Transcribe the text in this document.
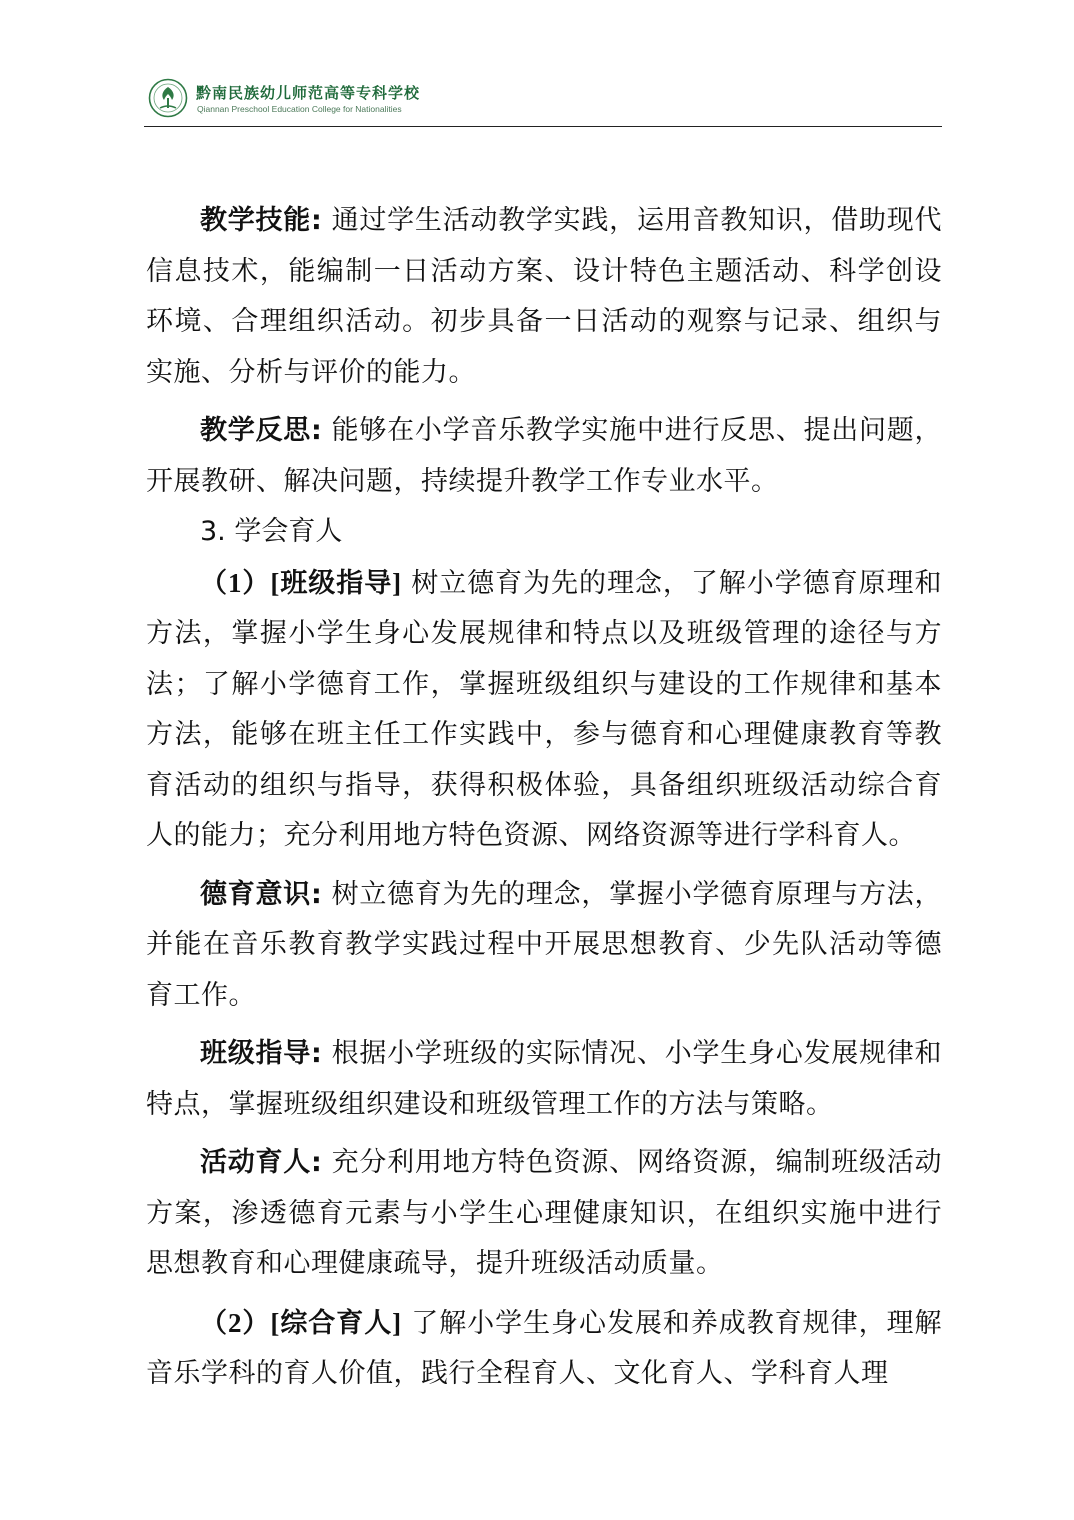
黔南民族幼儿师范高等专科学校
Qiannan Preschool Education College for Nationalities

教学技能: 通过学生活动教学实践，运用音教知识，借助现代信息技术，能编制一日活动方案、设计特色主题活动、科学创设环境、合理组织活动。初步具备一日活动的观察与记录、组织与实施、分析与评价的能力。

教学反思: 能够在小学音乐教学实施中进行反思、提出问题，开展教研、解决问题，持续提升教学工作专业水平。

3. 学会育人

（1）[班级指导] 树立德育为先的理念，了解小学德育原理和方法，掌握小学生身心发展规律和特点以及班级管理的途径与方法；了解小学德育工作，掌握班级组织与建设的工作规律和基本方法，能够在班主任工作实践中，参与德育和心理健康教育等教育活动的组织与指导，获得积极体验，具备组织班级活动综合育人的能力；充分利用地方特色资源、网络资源等进行学科育人。

德育意识: 树立德育为先的理念，掌握小学德育原理与方法，并能在音乐教育教学实践过程中开展思想教育、少先队活动等德育工作。

班级指导: 根据小学班级的实际情况、小学生身心发展规律和特点，掌握班级组织建设和班级管理工作的方法与策略。

活动育人: 充分利用地方特色资源、网络资源，编制班级活动方案，渗透德育元素与小学生心理健康知识，在组织实施中进行思想教育和心理健康疏导，提升班级活动质量。

（2）[综合育人] 了解小学生身心发展和养成教育规律，理解音乐学科的育人价值，践行全程育人、文化育人、学科育人理
